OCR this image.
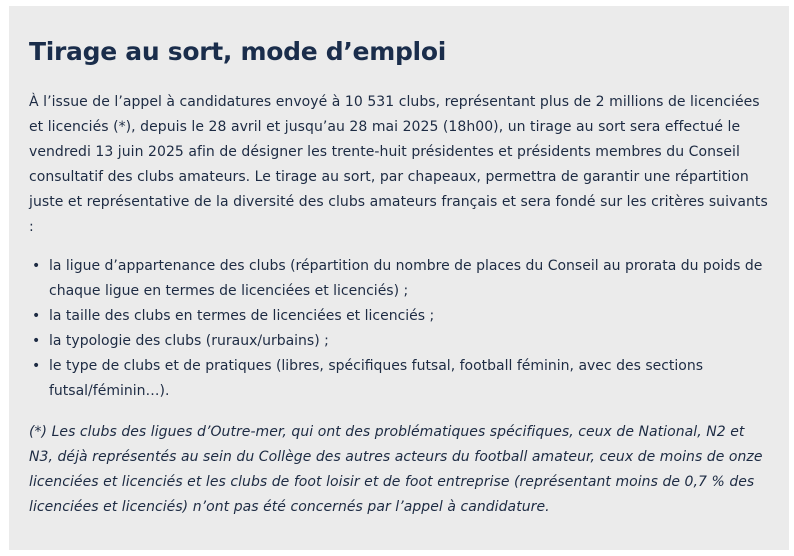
Tirage au sort, mode d’emploi

À l’issue de l’appel à candidatures envoyé à 10 531 clubs, représentant plus de 2 millions de licenciées et licenciés (*), depuis le 28 avril et jusqu’au 28 mai 2025 (18h00), un tirage au sort sera effectué le vendredi 13 juin 2025 afin de désigner les trente-huit présidentes et présidents membres du Conseil consultatif des clubs amateurs. Le tirage au sort, par chapeaux, permettra de garantir une répartition juste et représentative de la diversité des clubs amateurs français et sera fondé sur les critères suivants :

• la ligue d’appartenance des clubs (répartition du nombre de places du Conseil au prorata du poids de chaque ligue en termes de licenciées et licenciés) ;
• la taille des clubs en termes de licenciées et licenciés ;
• la typologie des clubs (ruraux/urbains) ;
• le type de clubs et de pratiques (libres, spécifiques futsal, football féminin, avec des sections futsal/féminin…).

(*) Les clubs des ligues d’Outre-mer, qui ont des problématiques spécifiques, ceux de National, N2 et N3, déjà représentés au sein du Collège des autres acteurs du football amateur, ceux de moins de onze licenciées et licenciés et les clubs de foot loisir et de foot entreprise (représentant moins de 0,7 % des licenciées et licenciés) n’ont pas été concernés par l’appel à candidature.
